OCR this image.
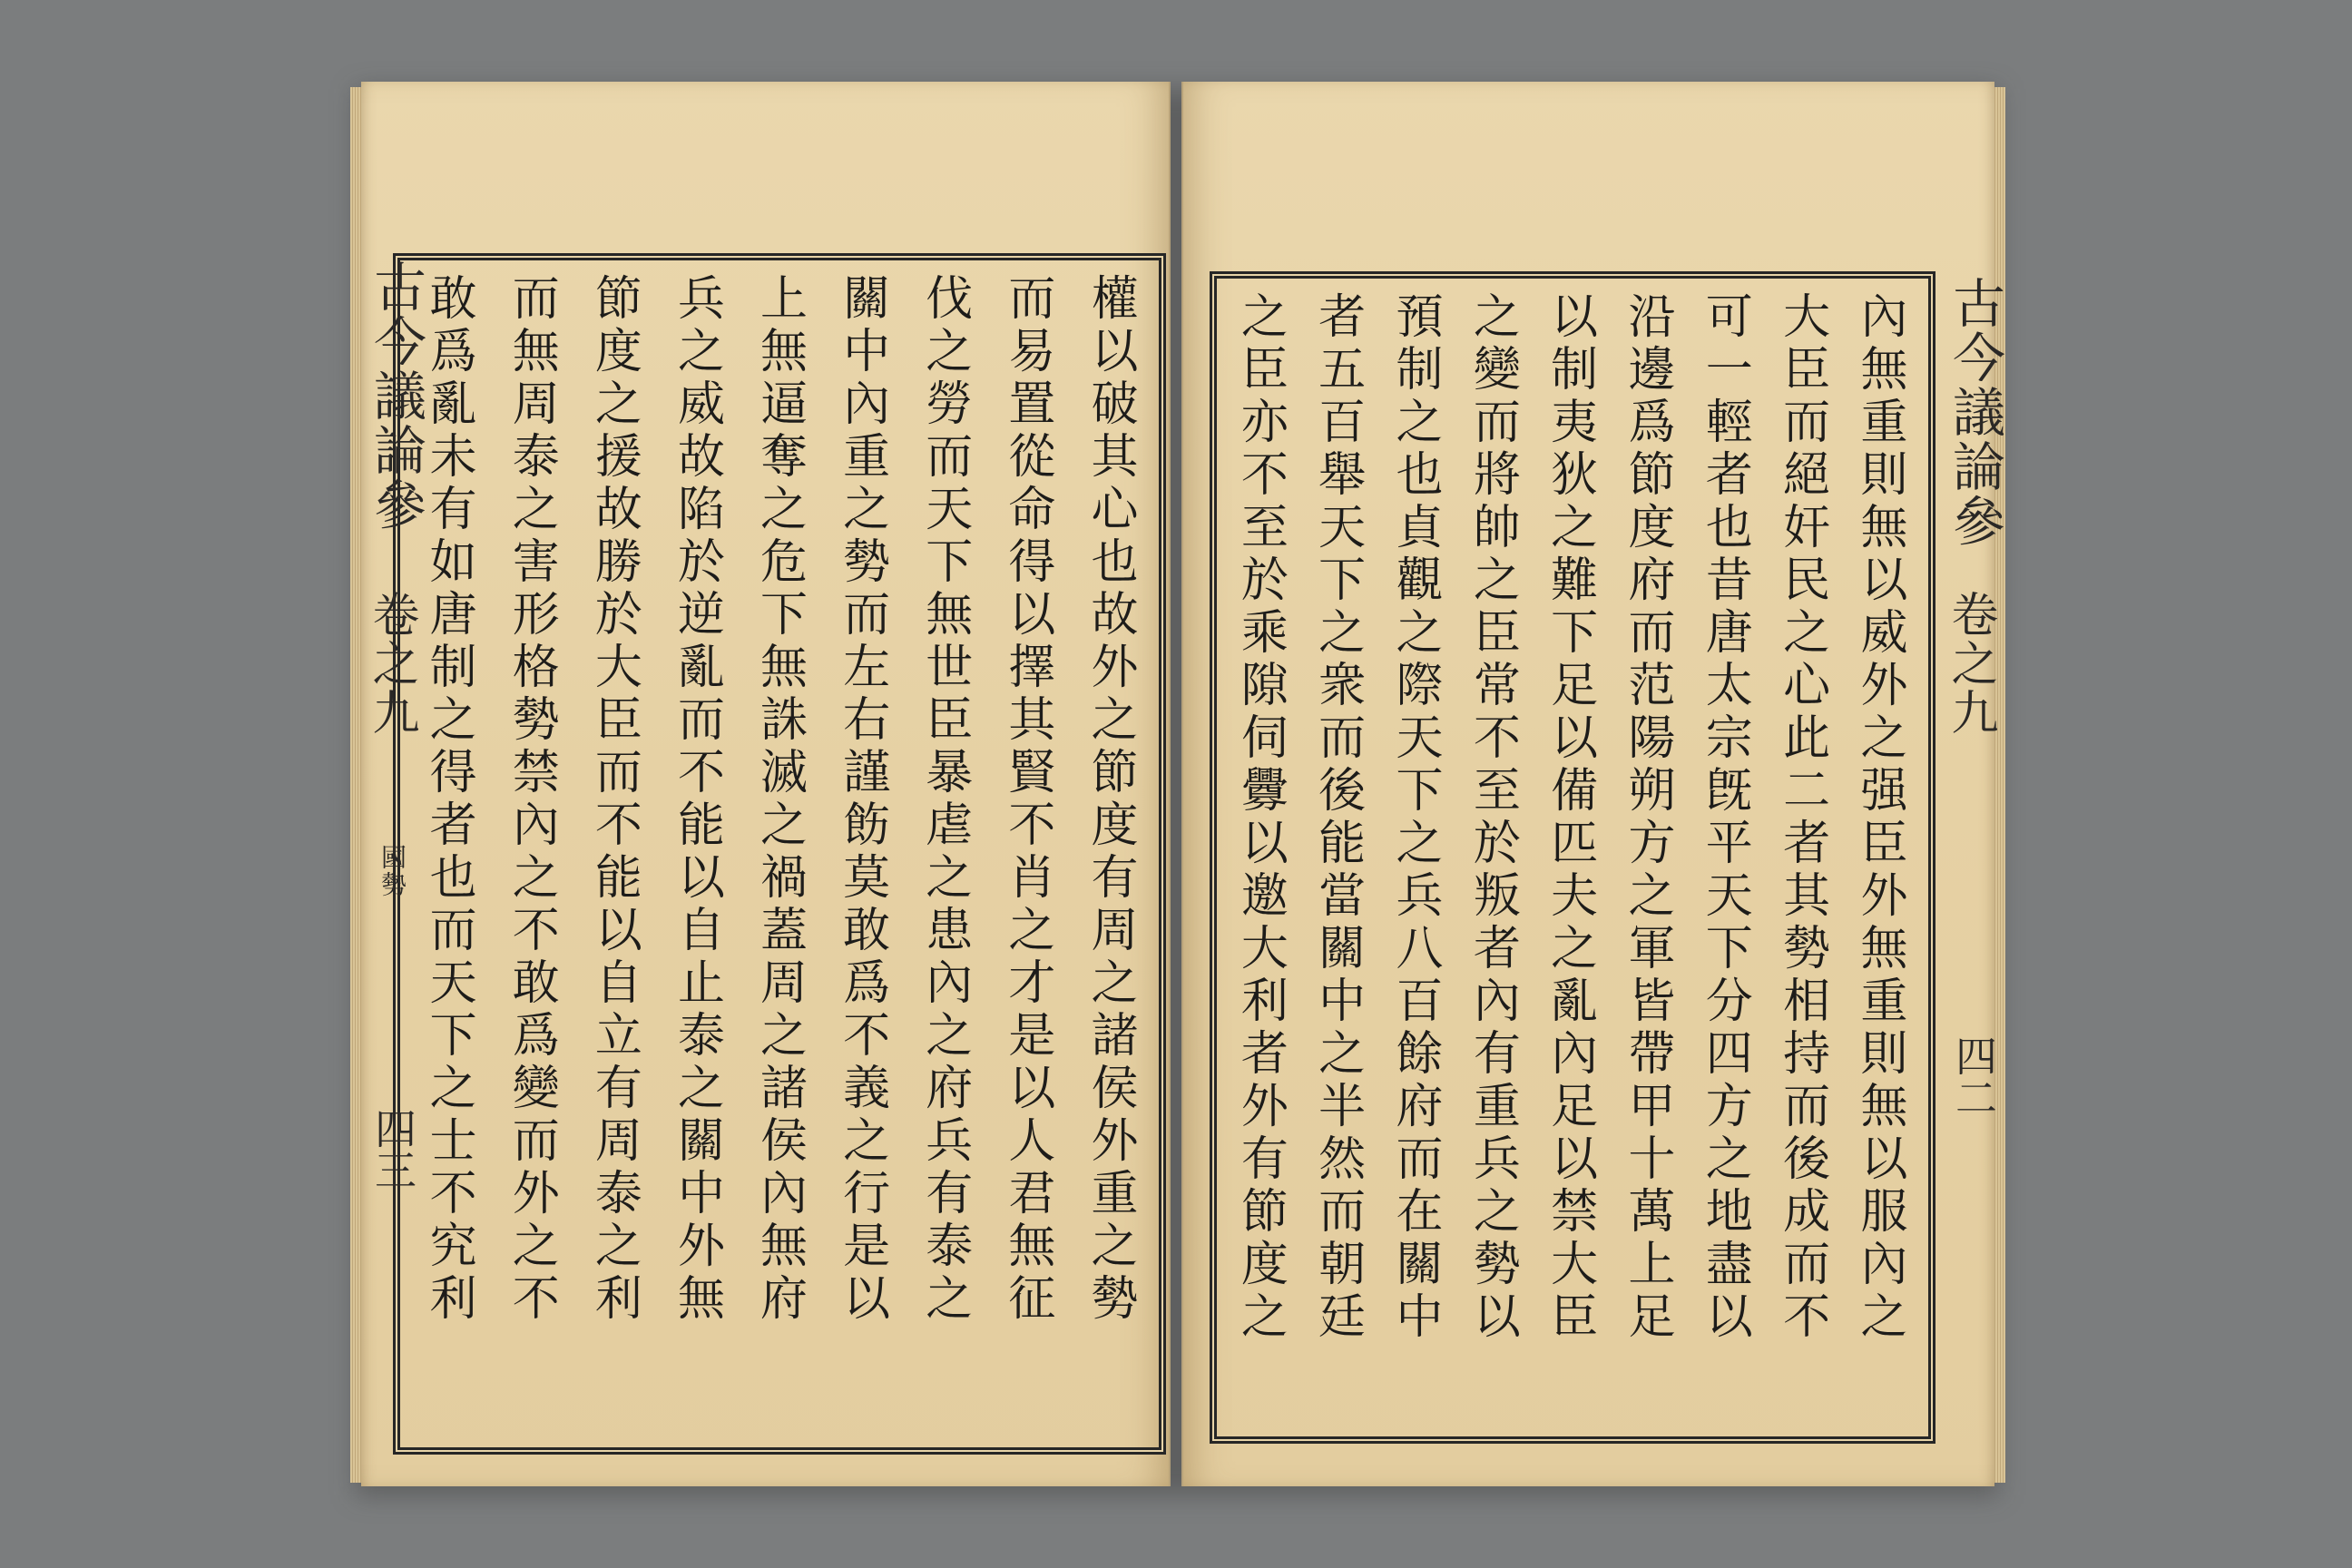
權以破其心也故外之節度有周之諸侯外重之勢
而易置從命得以擇其賢不肖之才是以人君無征
伐之勞而天下無世臣暴虐之患內之府兵有泰之
關中內重之勢而左右謹飭莫敢爲不義之行是以
上無逼奪之危下無誅滅之禍蓋周之諸侯內無府
兵之威故陷於逆亂而不能以自止泰之關中外無
節度之援故勝於大臣而不能以自立有周泰之利
而無周泰之害形格勢禁內之不敢爲變而外之不
敢爲亂未有如唐制之得者也而天下之士不究利
古今議論參
卷之九
國勢
四三	內無重則無以威外之强臣外無重則無以服內之
大臣而絕奸民之心此二者其勢相持而後成而不
可一輕者也昔唐太宗旣平天下分四方之地盡以
沿邊爲節度府而范陽朔方之軍皆帶甲十萬上足
以制夷狄之難下足以備匹夫之亂內足以禁大臣
之變而將帥之臣常不至於叛者內有重兵之勢以
預制之也貞觀之際天下之兵八百餘府而在關中
者五百舉天下之衆而後能當關中之半然而朝廷
之臣亦不至於乘隙伺釁以邀大利者外有節度之	古今議論參
卷之九
四二
